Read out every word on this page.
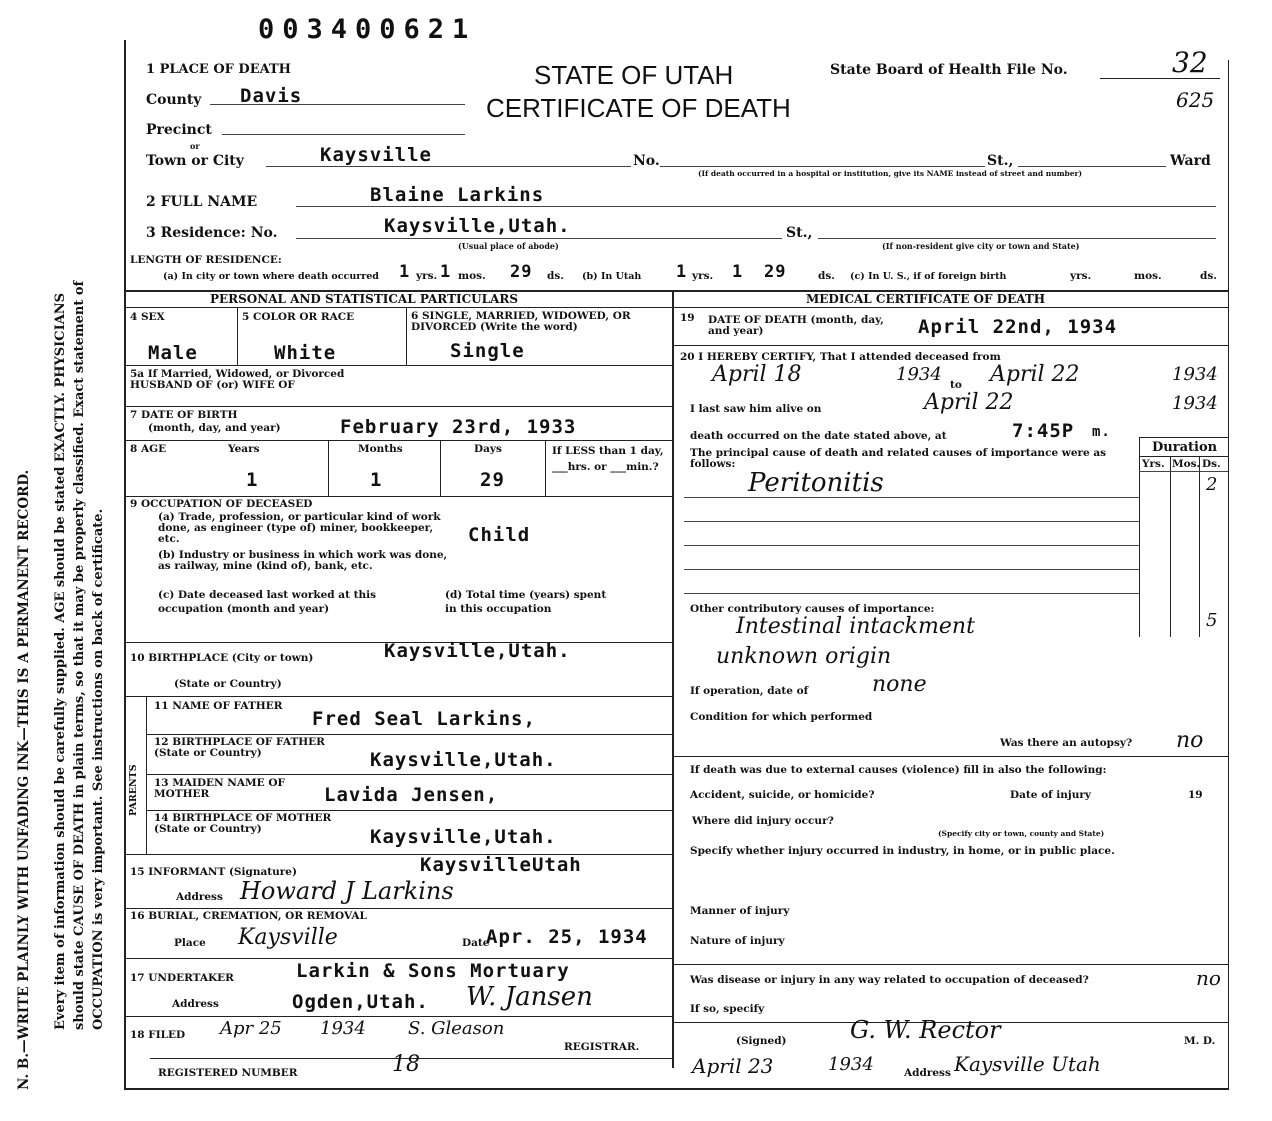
003400621
N. B.—WRITE PLAINLY WITH UNFADING INK—THIS IS A PERMANENT RECORD. Every item of information should be carefully supplied. AGE should be stated EXACTLY. PHYSICIANS should state CAUSE OF DEATH in plain terms, so that it may be properly classified. Exact statement of OCCUPATION is very important. See instructions on back of certificate.
1 PLACE OF DEATH	STATE OF UTAH
CERTIFICATE OF DEATH
State Board of Health File No.	32
625
County Davis
Precinct
or
Town or City	Kaysville	No.	St.,	Ward
(If death occurred in a hospital or institution, give its NAME instead of street and number)
2 FULL NAME	Blaine Larkins
3 Residence: No.	Kaysville,Utah.	St.,
(Usual place of abode)	(If non-resident give city or town and State)
LENGTH OF RESIDENCE:
(a) In city or town where death occurred 1 yrs. 1 mos. 29 ds. (b) In Utah 1 yrs. 1 29	ds. (c) In U. S., if of foreign birth	yrs.	mos.	ds.
PERSONAL AND STATISTICAL PARTICULARS	MEDICAL CERTIFICATE OF DEATH
4 SEX
Male
5 COLOR OR RACE
White
6 SINGLE, MARRIED, WIDOWED, OR DIVORCED (Write the word)
Single
5a If Married, Widowed, or Divorced HUSBAND OF (or) WIFE OF
7 DATE OF BIRTH
(month, day, and year)	February 23rd, 1933
8 AGE	Years	Months	Days	If LESS than 1 day, ___hrs. or ___min.?
1	1	29
9 OCCUPATION OF DECEASED
(a) Trade, profession, or particular kind of work done, as engineer (type of) miner, bookkeeper, etc.	Child
(b) Industry or business in which work was done, as railway, mine (kind of), bank, etc.
(c) Date deceased last worked at this occupation (month and year)
(d) Total time (years) spent in this occupation
10 BIRTHPLACE (City or town)	Kaysville,Utah.
(State or Country)
PARENTS
11 NAME OF FATHER
Fred Seal Larkins,
12 BIRTHPLACE OF FATHER (State or Country)	Kaysville,Utah.
13 MAIDEN NAME OF MOTHER	Lavida Jensen,
14 BIRTHPLACE OF MOTHER (State or Country)	Kaysville,Utah.
15 INFORMANT (Signature)	KaysvilleUtah
Address Howard J Larkins
16 BURIAL, CREMATION, OR REMOVAL
Place Kaysville	Date
Apr. 25, 1934
17 UNDERTAKER	Larkin & Sons Mortuary
Address	Ogden,Utah. W. Jansen
18 FILED Apr 25 1934 S. Gleason
REGISTRAR.
REGISTERED NUMBER	18
19 DATE OF DEATH (month, day, and year)	April 22nd, 1934
20 I HEREBY CERTIFY, That I attended deceased from
April 18	1934 to April 22	1934
I last saw him alive on	April 22	1934
death occurred on the date stated above, at	7:45P m.
The principal cause of death and related causes of importance were as follows:
Duration
Yrs. Mos. Ds.
Peritonitis	2
Other contributory causes of importance:
Intestinal intackment	5
unknown origin
If operation, date of	none
Condition for which performed
Was there an autopsy? no
If death was due to external causes (violence) fill in also the following:
Accident, suicide, or homicide?	Date of injury	19
Where did injury occur?
(Specify city or town, county and State)
Specify whether injury occurred in industry, in home, or in public place.
Manner of injury
Nature of injury
Was disease or injury in any way related to occupation of deceased?	no
If so, specify
(Signed)	G. W. Rector	M. D.
April 23	1934	Address Kaysville Utah
